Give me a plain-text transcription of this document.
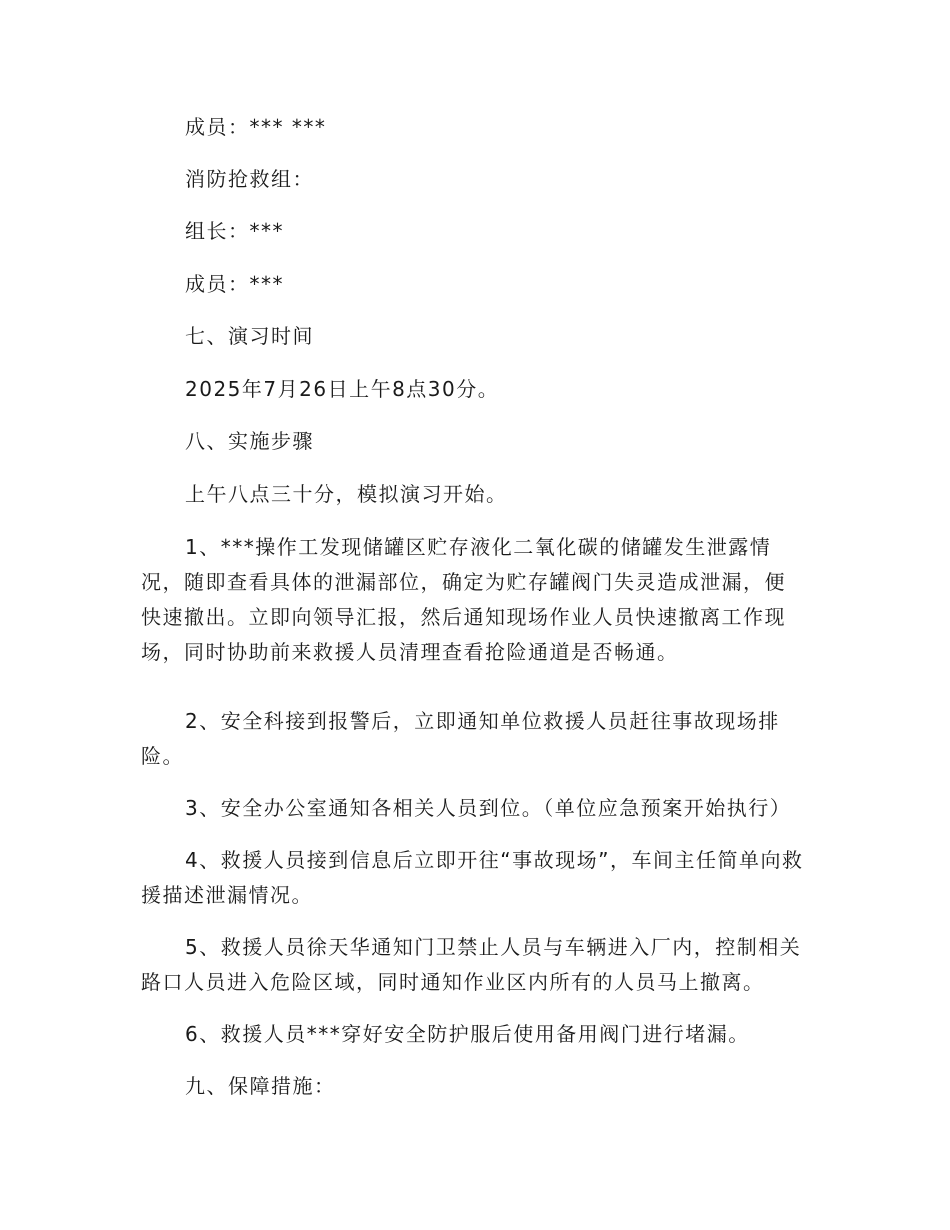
成员：*** ***

消防抢救组：

组长：***

成员：***

七、演习时间

2025年7月26日上午8点30分。

八、实施步骤

上午八点三十分，模拟演习开始。

1、***操作工发现储罐区贮存液化二氧化碳的储罐发生泄露情况，随即查看具体的泄漏部位，确定为贮存罐阀门失灵造成泄漏，便快速撤出。立即向领导汇报，然后通知现场作业人员快速撤离工作现场，同时协助前来救援人员清理查看抢险通道是否畅通。

2、安全科接到报警后，立即通知单位救援人员赶往事故现场排险。

3、安全办公室通知各相关人员到位。（单位应急预案开始执行）

4、救援人员接到信息后立即开往“事故现场”，车间主任简单向救援描述泄漏情况。

5、救援人员徐天华通知门卫禁止人员与车辆进入厂内，控制相关路口人员进入危险区域，同时通知作业区内所有的人员马上撤离。

6、救援人员***穿好安全防护服后使用备用阀门进行堵漏。

九、保障措施：
